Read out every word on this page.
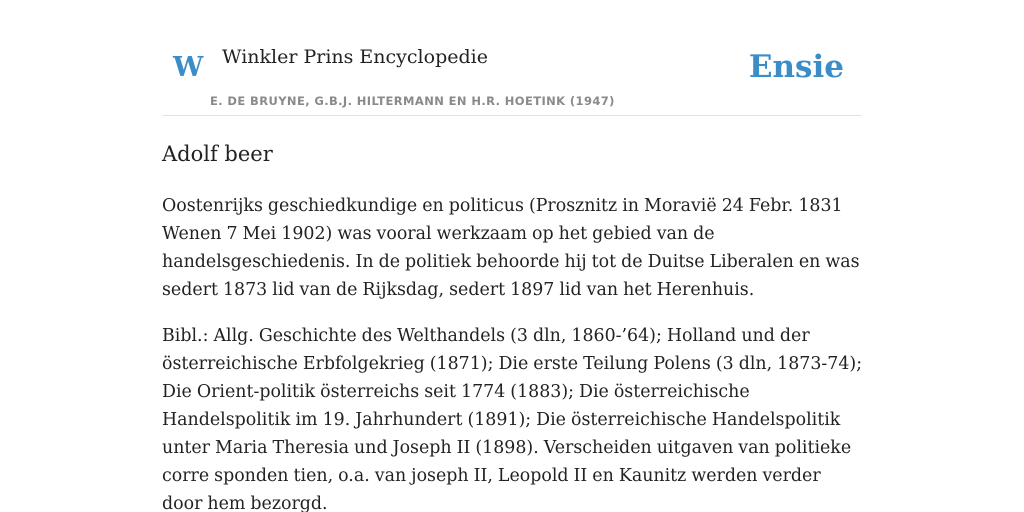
W Winkler Prins Encyclopedie
E. DE BRUYNE, G.B.J. HILTERMANN EN H.R. HOETINK (1947)
Ensie
Adolf beer

Oostenrijks geschiedkundige en politicus (Prosznitz in Moravië 24 Febr. 1831 Wenen 7 Mei 1902) was vooral werkzaam op het gebied van de handelsgeschiedenis. In de politiek behoorde hij tot de Duitse Liberalen en was sedert 1873 lid van de Rijksdag, sedert 1897 lid van het Herenhuis.

Bibl.: Allg. Geschichte des Welthandels (3 dln, 1860-’64); Holland und der österreichische Erbfolgekrieg (1871); Die erste Teilung Polens (3 dln, 1873-74); Die Orient-politik österreichs seit 1774 (1883); Die österreichische Handelspolitik im 19. Jahrhundert (1891); Die österreichische Handelspolitik unter Maria Theresia und Joseph II (1898). Verscheiden uitgaven van politieke corre sponden tien, o.a. van joseph II, Leopold II en Kaunitz werden verder door hem bezorgd.
